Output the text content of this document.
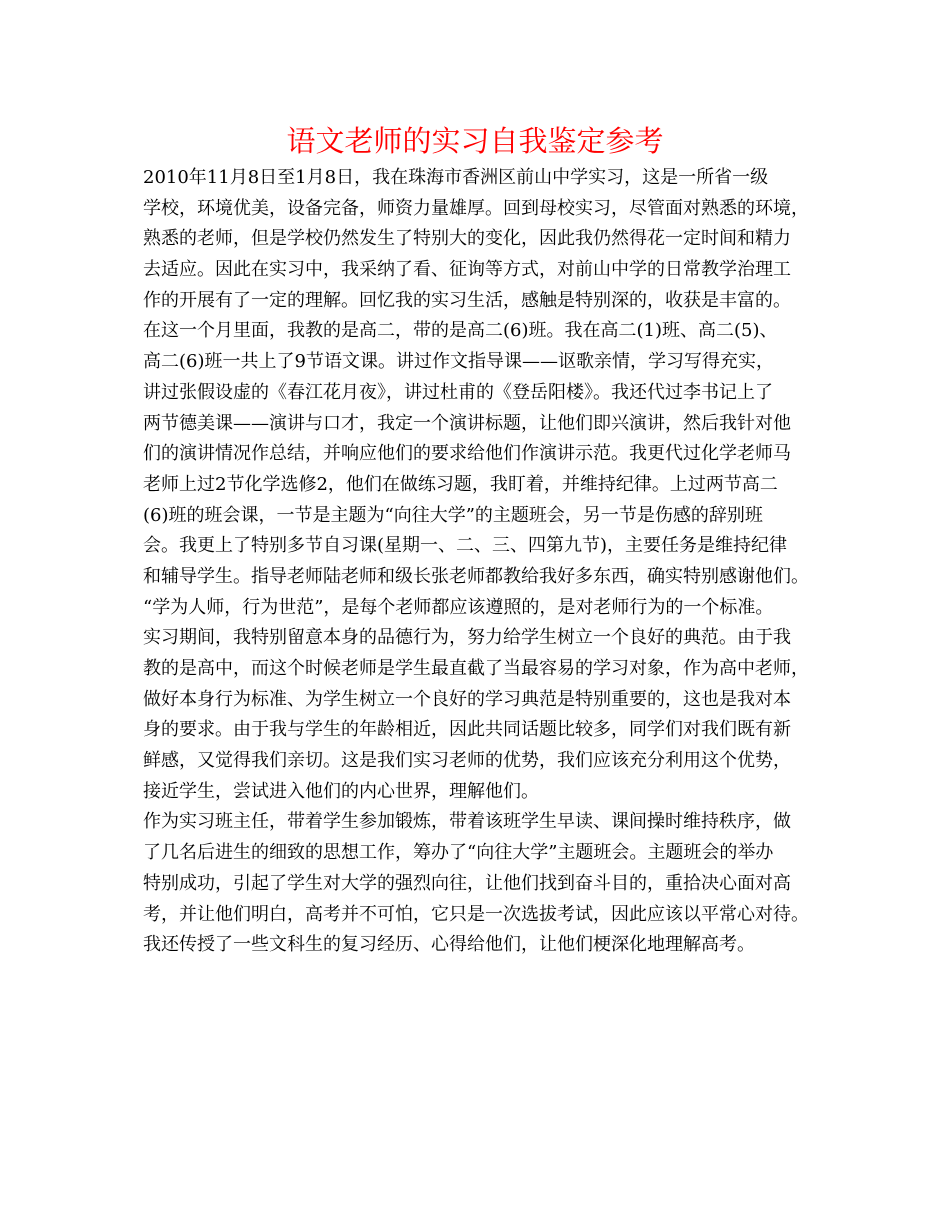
语文老师的实习自我鉴定参考
2010年11月8日至1月8日，我在珠海市香洲区前山中学实习，这是一所省一级
学校，环境优美，设备完备，师资力量雄厚。回到母校实习，尽管面对熟悉的环境，
熟悉的老师，但是学校仍然发生了特别大的变化，因此我仍然得花一定时间和精力
去适应。因此在实习中，我采纳了看、征询等方式，对前山中学的日常教学治理工
作的开展有了一定的理解。回忆我的实习生活，感触是特别深的，收获是丰富的。
在这一个月里面，我教的是高二，带的是高二(6)班。我在高二(1)班、高二(5)、
高二(6)班一共上了9节语文课。讲过作文指导课——讴歌亲情，学习写得充实，
讲过张假设虚的《春江花月夜》，讲过杜甫的《登岳阳楼》。我还代过李书记上了
两节德美课——演讲与口才，我定一个演讲标题，让他们即兴演讲，然后我针对他
们的演讲情况作总结，并响应他们的要求给他们作演讲示范。我更代过化学老师马
老师上过2节化学选修2，他们在做练习题，我盯着，并维持纪律。上过两节高二
(6)班的班会课，一节是主题为“向往大学”的主题班会，另一节是伤感的辞别班
会。我更上了特别多节自习课(星期一、二、三、四第九节)，主要任务是维持纪律
和辅导学生。指导老师陆老师和级长张老师都教给我好多东西，确实特别感谢他们。
“学为人师，行为世范”，是每个老师都应该遵照的，是对老师行为的一个标准。
实习期间，我特别留意本身的品德行为，努力给学生树立一个良好的典范。由于我
教的是高中，而这个时候老师是学生最直截了当最容易的学习对象，作为高中老师，
做好本身行为标准、为学生树立一个良好的学习典范是特别重要的，这也是我对本
身的要求。由于我与学生的年龄相近，因此共同话题比较多，同学们对我们既有新
鲜感，又觉得我们亲切。这是我们实习老师的优势，我们应该充分利用这个优势，
接近学生，尝试进入他们的内心世界，理解他们。
作为实习班主任，带着学生参加锻炼，带着该班学生早读、课间操时维持秩序，做
了几名后进生的细致的思想工作，筹办了“向往大学”主题班会。主题班会的举办
特别成功，引起了学生对大学的强烈向往，让他们找到奋斗目的，重拾决心面对高
考，并让他们明白，高考并不可怕，它只是一次选拔考试，因此应该以平常心对待。
我还传授了一些文科生的复习经历、心得给他们，让他们梗深化地理解高考。
